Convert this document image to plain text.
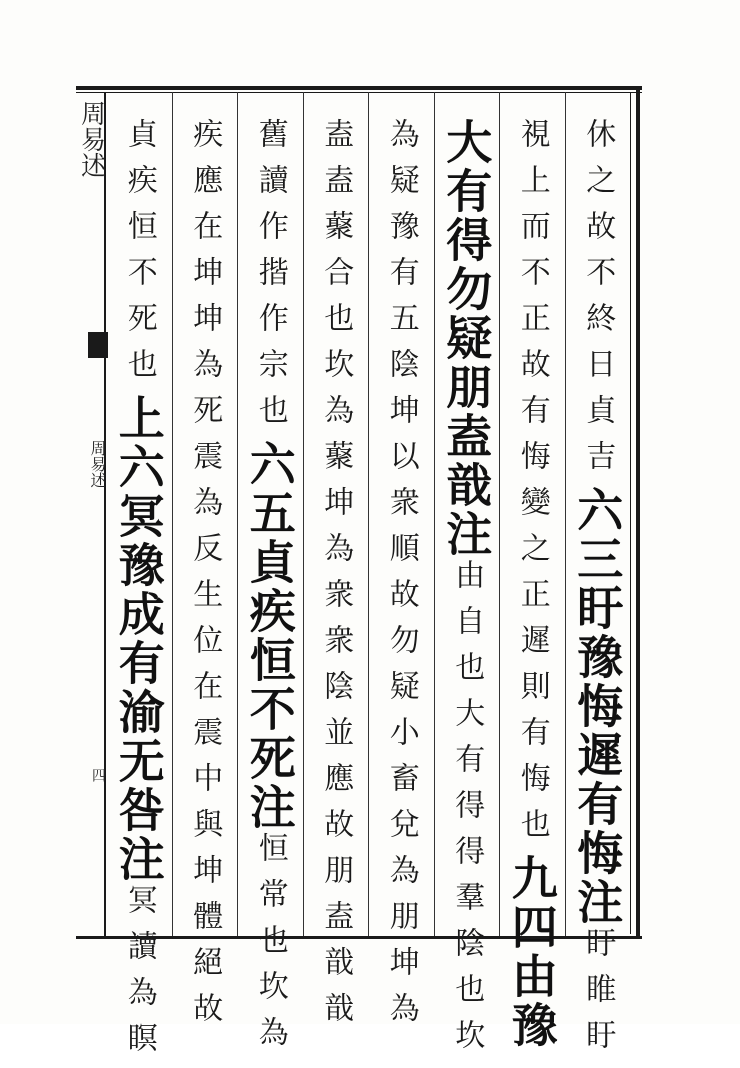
周易述
周易述
四
休之故不終日貞吉六三盱豫悔遲有悔注盱睢盱
視上而不正故有悔變之正遲則有悔也九四由豫
大有得勿疑朋盍戠注由自也大有得得羣陰也坎
為疑豫有五陰坤以衆順故勿疑小畜兌為朋坤為
盍盍藂合也坎為藂坤為衆衆陰並應故朋盍戠戠
舊讀作揩作宗也六五貞疾恒不死注恒常也坎為
疾應在坤坤為死震為反生位在震中與坤體絕故
貞疾恒不死也上六冥豫成有渝无咎注冥讀為瞑
